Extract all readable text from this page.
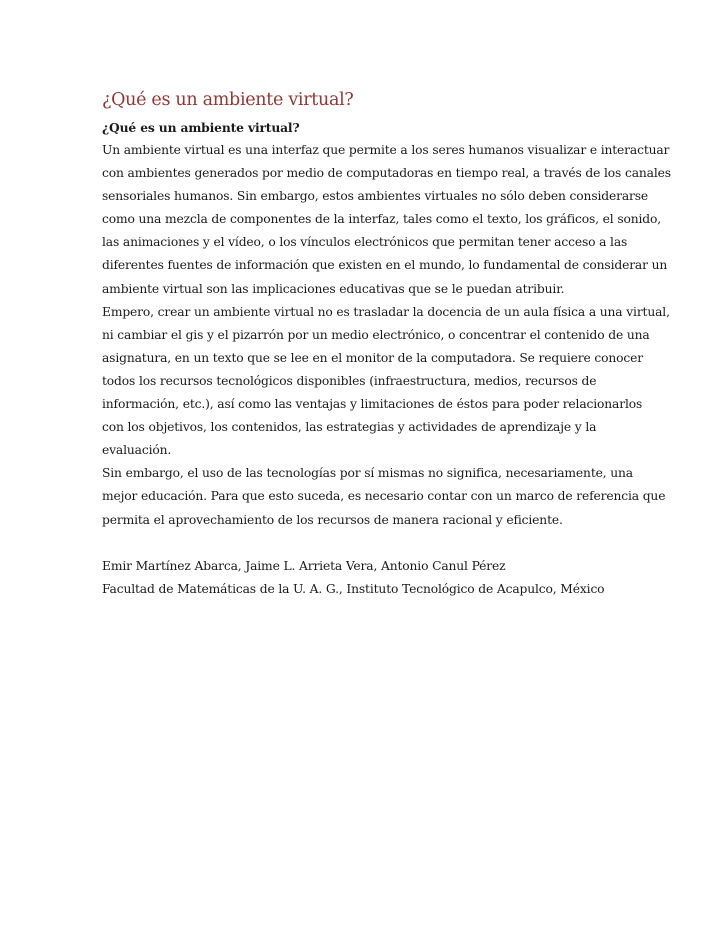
¿Qué es un ambiente virtual?
¿Qué es un ambiente virtual?

Un ambiente virtual es una interfaz que permite a los seres humanos visualizar e interactuar
con ambientes generados por medio de computadoras en tiempo real, a través de los canales
sensoriales humanos. Sin embargo, estos ambientes virtuales no sólo deben considerarse
como una mezcla de componentes de la interfaz, tales como el texto, los gráficos, el sonido,
las animaciones y el vídeo, o los vínculos electrónicos que permitan tener acceso a las
diferentes fuentes de información que existen en el mundo, lo fundamental de considerar un
ambiente virtual son las implicaciones educativas que se le puedan atribuir.

Empero, crear un ambiente virtual no es trasladar la docencia de un aula física a una virtual,
ni cambiar el gis y el pizarrón por un medio electrónico, o concentrar el contenido de una
asignatura, en un texto que se lee en el monitor de la computadora. Se requiere conocer
todos los recursos tecnológicos disponibles (infraestructura, medios, recursos de
información, etc.), así como las ventajas y limitaciones de éstos para poder relacionarlos
con los objetivos, los contenidos, las estrategias y actividades de aprendizaje y la
evaluación.

Sin embargo, el uso de las tecnologías por sí mismas no significa, necesariamente, una
mejor educación. Para que esto suceda, es necesario contar con un marco de referencia que
permita el aprovechamiento de los recursos de manera racional y eficiente.

Emir Martínez Abarca, Jaime L. Arrieta Vera, Antonio Canul Pérez

Facultad de Matemáticas de la U. A. G., Instituto Tecnológico de Acapulco, México
